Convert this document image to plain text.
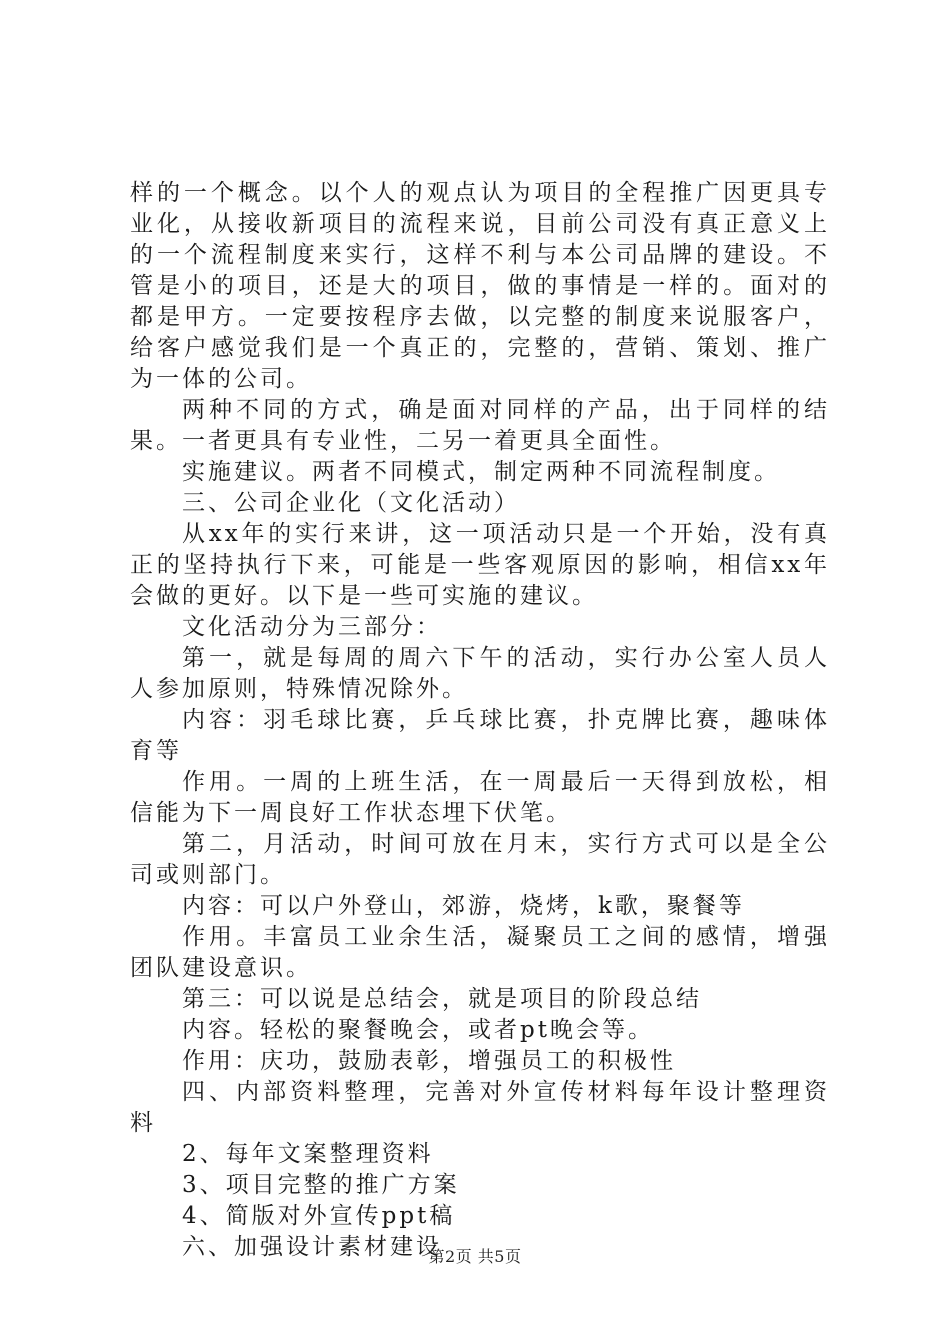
样的一个概念。以个人的观点认为项目的全程推广因更具专业化，从接收新项目的流程来说，目前公司没有真正意义上的一个流程制度来实行，这样不利与本公司品牌的建设。不管是小的项目，还是大的项目，做的事情是一样的。面对的都是甲方。一定要按程序去做，以完整的制度来说服客户，给客户感觉我们是一个真正的，完整的，营销、策划、推广为一体的公司。

两种不同的方式，确是面对同样的产品，出于同样的结果。一者更具有专业性，二另一着更具全面性。

实施建议。两者不同模式，制定两种不同流程制度。

三、公司企业化（文化活动）

从xx年的实行来讲，这一项活动只是一个开始，没有真正的坚持执行下来，可能是一些客观原因的影响，相信xx年会做的更好。以下是一些可实施的建议。

文化活动分为三部分：

第一，就是每周的周六下午的活动，实行办公室人员人人参加原则，特殊情况除外。

内容：羽毛球比赛，乒乓球比赛，扑克牌比赛，趣味体育等

作用。一周的上班生活，在一周最后一天得到放松，相信能为下一周良好工作状态埋下伏笔。

第二，月活动，时间可放在月末，实行方式可以是全公司或则部门。

内容：可以户外登山，郊游，烧烤，k歌，聚餐等

作用。丰富员工业余生活，凝聚员工之间的感情，增强团队建设意识。

第三：可以说是总结会，就是项目的阶段总结

内容。轻松的聚餐晚会，或者pt晚会等。

作用：庆功，鼓励表彰，增强员工的积极性

四、内部资料整理，完善对外宣传材料每年设计整理资料

2、每年文案整理资料

3、项目完整的推广方案

4、简版对外宣传ppt稿

六、加强设计素材建设

第2页 共5页
